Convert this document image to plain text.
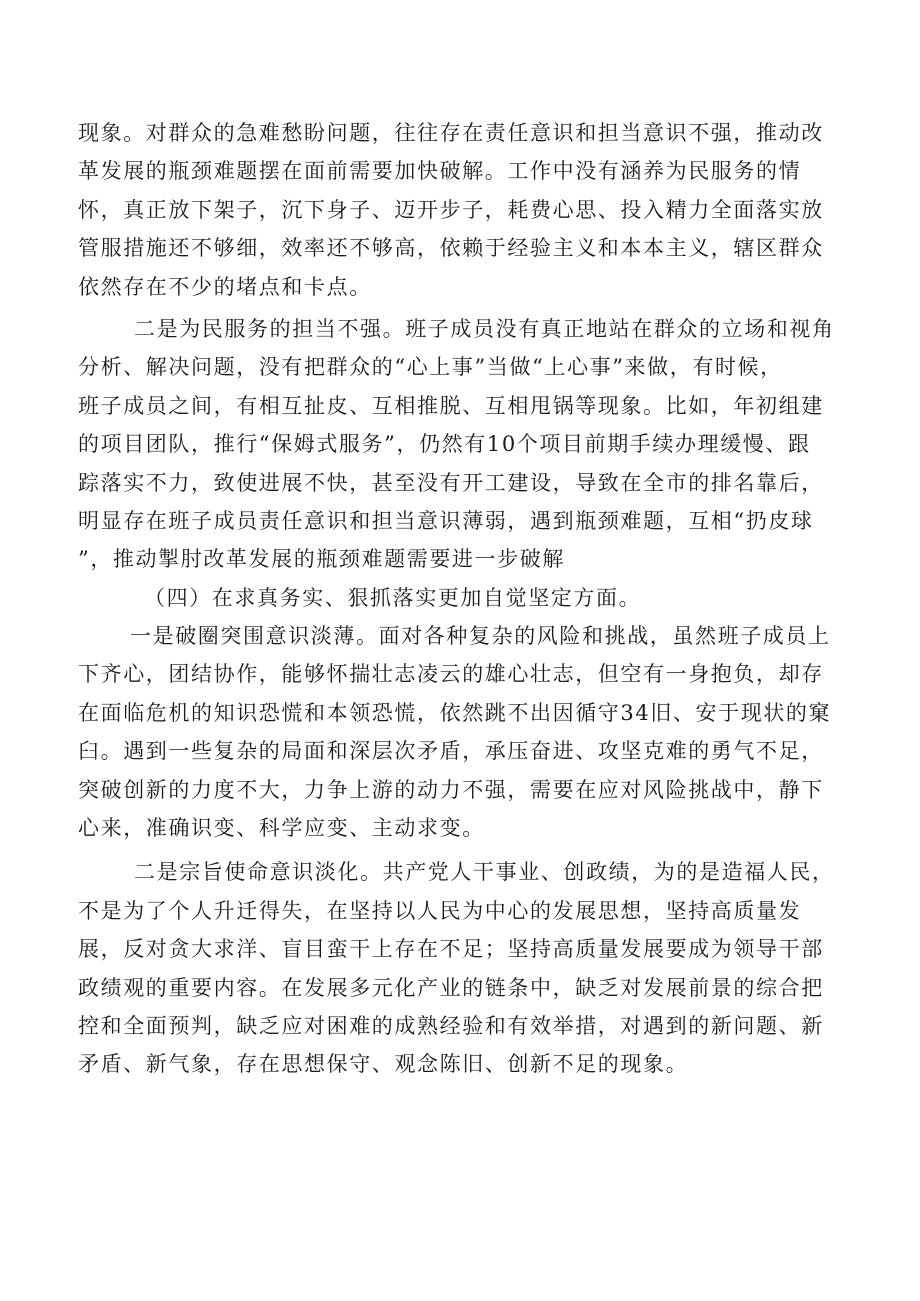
现象。对群众的急难愁盼问题，往往存在责任意识和担当意识不强，推动改
革发展的瓶颈难题摆在面前需要加快破解。工作中没有涵养为民服务的情
怀，真正放下架子，沉下身子、迈开步子，耗费心思、投入精力全面落实放
管服措施还不够细，效率还不够高，依赖于经验主义和本本主义，辖区群众
依然存在不少的堵点和卡点。
二是为民服务的担当不强。班子成员没有真正地站在群众的立场和视角
分析、解决问题，没有把群众的“心上事”当做“上心事”来做，有时候，
班子成员之间，有相互扯皮、互相推脱、互相甩锅等现象。比如，年初组建
的项目团队，推行“保姆式服务”，仍然有10个项目前期手续办理缓慢、跟
踪落实不力，致使进展不快，甚至没有开工建设，导致在全市的排名靠后，
明显存在班子成员责任意识和担当意识薄弱，遇到瓶颈难题，互相“扔皮球
”，推动掣肘改革发展的瓶颈难题需要进一步破解
（四）在求真务实、狠抓落实更加自觉坚定方面。
一是破圈突围意识淡薄。面对各种复杂的风险和挑战，虽然班子成员上
下齐心，团结协作，能够怀揣壮志凌云的雄心壮志，但空有一身抱负，却存
在面临危机的知识恐慌和本领恐慌，依然跳不出因循守34旧、安于现状的窠
臼。遇到一些复杂的局面和深层次矛盾，承压奋进、攻坚克难的勇气不足，
突破创新的力度不大，力争上游的动力不强，需要在应对风险挑战中，静下
心来，准确识变、科学应变、主动求变。
二是宗旨使命意识淡化。共产党人干事业、创政绩，为的是造福人民，
不是为了个人升迁得失，在坚持以人民为中心的发展思想，坚持高质量发
展，反对贪大求洋、盲目蛮干上存在不足；坚持高质量发展要成为领导干部
政绩观的重要内容。在发展多元化产业的链条中，缺乏对发展前景的综合把
控和全面预判，缺乏应对困难的成熟经验和有效举措，对遇到的新问题、新
矛盾、新气象，存在思想保守、观念陈旧、创新不足的现象。
